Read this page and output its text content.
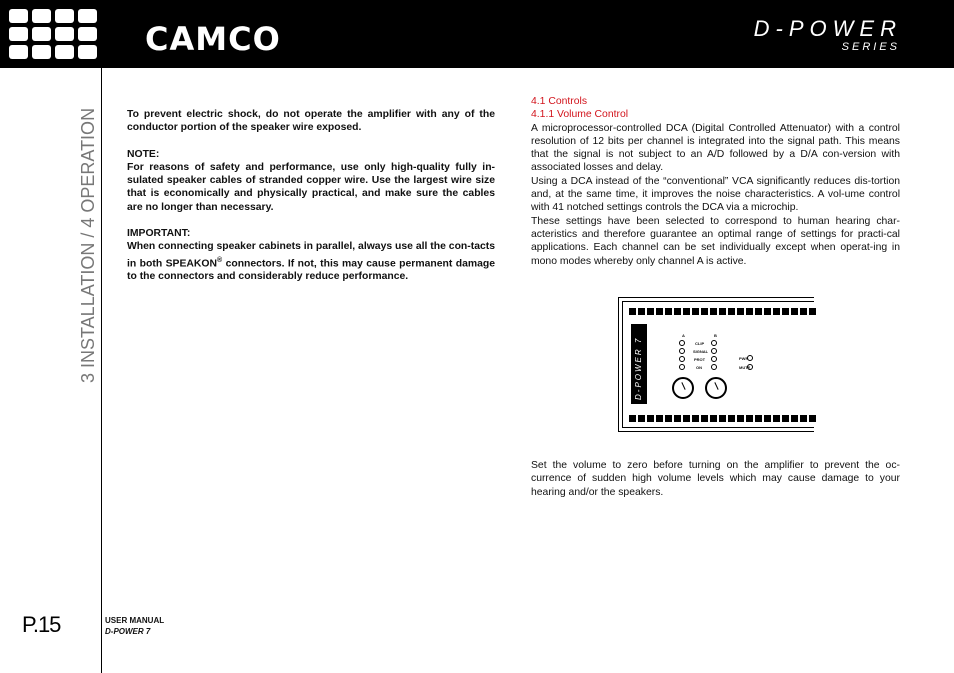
CAMCO	D-POWER
SERIES
3 INSTALLATION / 4 OPERATION
P.15	USER MANUAL
D-POWER 7

To prevent electric shock, do not operate the amplifier with any of the conductor portion of the speaker wire exposed.

NOTE:

For reasons of safety and performance, use only high-quality fully in-sulated speaker cables of stranded copper wire. Use the largest wire size that is economically and physically practical, and make sure the cables are no longer than necessary.

IMPORTANT:

When connecting speaker cabinets in parallel, always use all the con-tacts in both SPEAKON® connectors. If not, this may cause permanent damage to the connectors and considerably reduce performance.

4.1 Controls
4.1.1 Volume Control
A microprocessor-controlled DCA (Digital Controlled Attenuator) with a control resolution of 12 bits per channel is integrated into the signal path. This means that the signal is not subject to an A/D followed by a D/A con-version with associated losses and delay.
Using a DCA instead of the “conventional” VCA significantly reduces dis-tortion and, at the same time, it improves the noise characteristics. A vol-ume control with 41 notched settings controls the DCA via a microchip.
These settings have been selected to correspond to human hearing char-acteristics and therefore guarantee an optimal range of settings for practi-cal applications. Each channel can be set individually except when operat-ing in mono modes whereby only channel A is active.
D-POWER 7
A	B
CLIP
SIGNAL
PROT
ON
PWR
MUTE
Set the volume to zero before turning on the amplifier to prevent the oc-currence of sudden high volume levels which may cause damage to your hearing and/or the speakers.
